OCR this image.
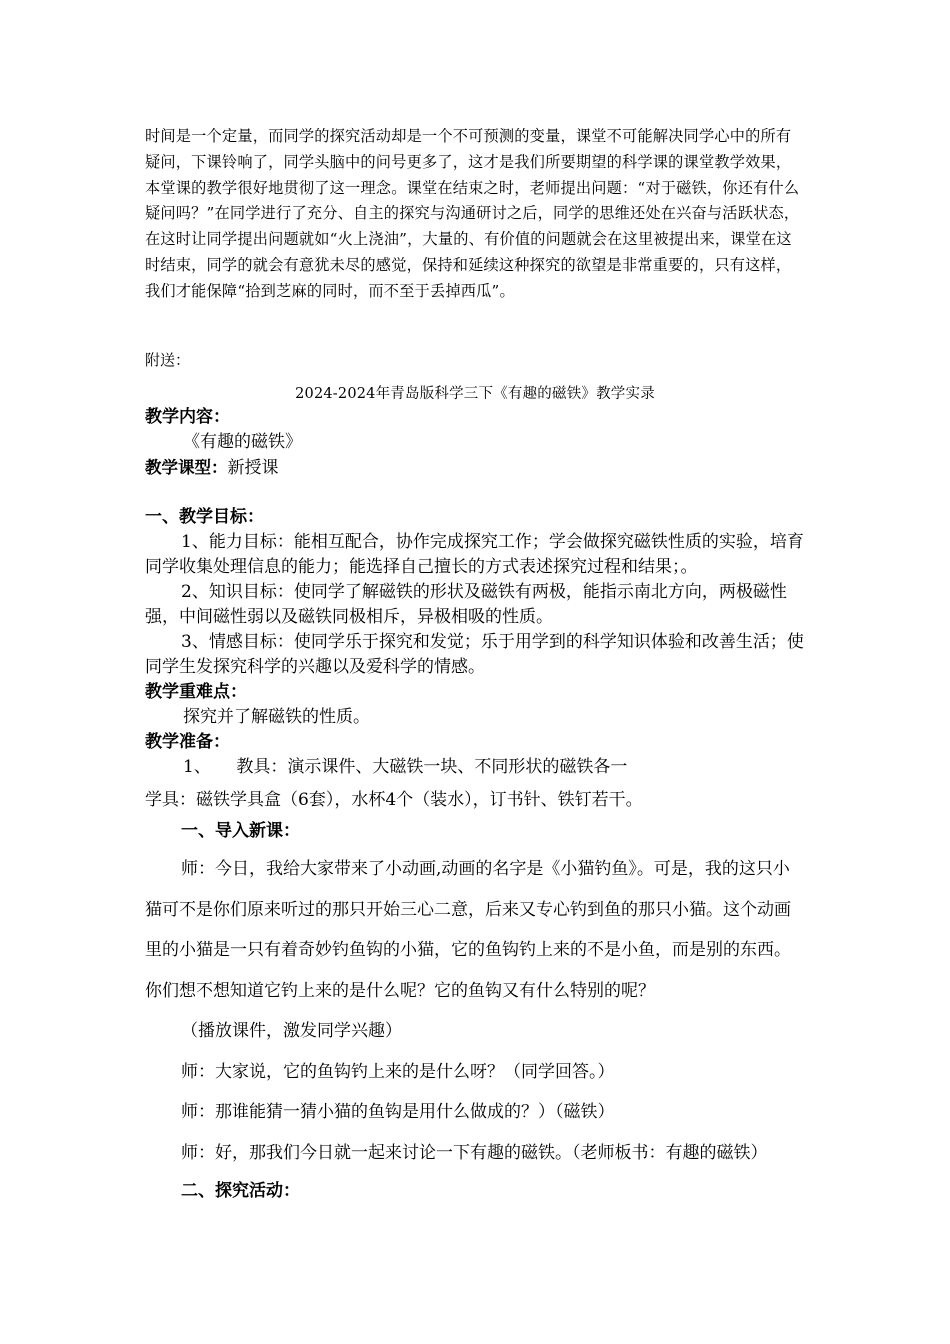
时间是一个定量，而同学的探究活动却是一个不可预测的变量，课堂不可能解决同学心中的所有疑问，下课铃响了，同学头脑中的问号更多了，这才是我们所要期望的科学课的课堂教学效果，本堂课的教学很好地贯彻了这一理念。课堂在结束之时，老师提出问题：“对于磁铁，你还有什么疑问吗？”在同学进行了充分、自主的探究与沟通研讨之后，同学的思维还处在兴奋与活跃状态，在这时让同学提出问题就如“火上浇油”，大量的、有价值的问题就会在这里被提出来，课堂在这时结束，同学的就会有意犹未尽的感觉，保持和延续这种探究的欲望是非常重要的，只有这样，我们才能保障“拾到芝麻的同时，而不至于丢掉西瓜”。

附送：

2024-2024年青岛版科学三下《有趣的磁铁》教学实录

教学内容：

《有趣的磁铁》

教学课型：新授课

一、教学目标：

1、能力目标：能相互配合，协作完成探究工作；学会做探究磁铁性质的实验，培育同学收集处理信息的能力；能选择自己擅长的方式表述探究过程和结果；。

2、知识目标：使同学了解磁铁的形状及磁铁有两极，能指示南北方向，两极磁性强，中间磁性弱以及磁铁同极相斥，异极相吸的性质。

3、情感目标：使同学乐于探究和发觉；乐于用学到的科学知识体验和改善生活；使同学生发探究科学的兴趣以及爱科学的情感。

教学重难点：

探究并了解磁铁的性质。

教学准备：

1、　　教具：演示课件、大磁铁一块、不同形状的磁铁各一

学具：磁铁学具盒（6套），水杯4个（装水），订书针、铁钉若干。

一、导入新课：

师：今日，我给大家带来了小动画,动画的名字是《小猫钓鱼》。可是，我的这只小猫可不是你们原来听过的那只开始三心二意，后来又专心钓到鱼的那只小猫。这个动画里的小猫是一只有着奇妙钓鱼钩的小猫，它的鱼钩钓上来的不是小鱼，而是别的东西。你们想不想知道它钓上来的是什么呢？它的鱼钩又有什么特别的呢？

（播放课件，激发同学兴趣）

师：大家说，它的鱼钩钓上来的是什么呀？（同学回答。）

师：那谁能猜一猜小猫的鱼钩是用什么做成的？）（磁铁）

师：好，那我们今日就一起来讨论一下有趣的磁铁。（老师板书：有趣的磁铁）

二、探究活动：
